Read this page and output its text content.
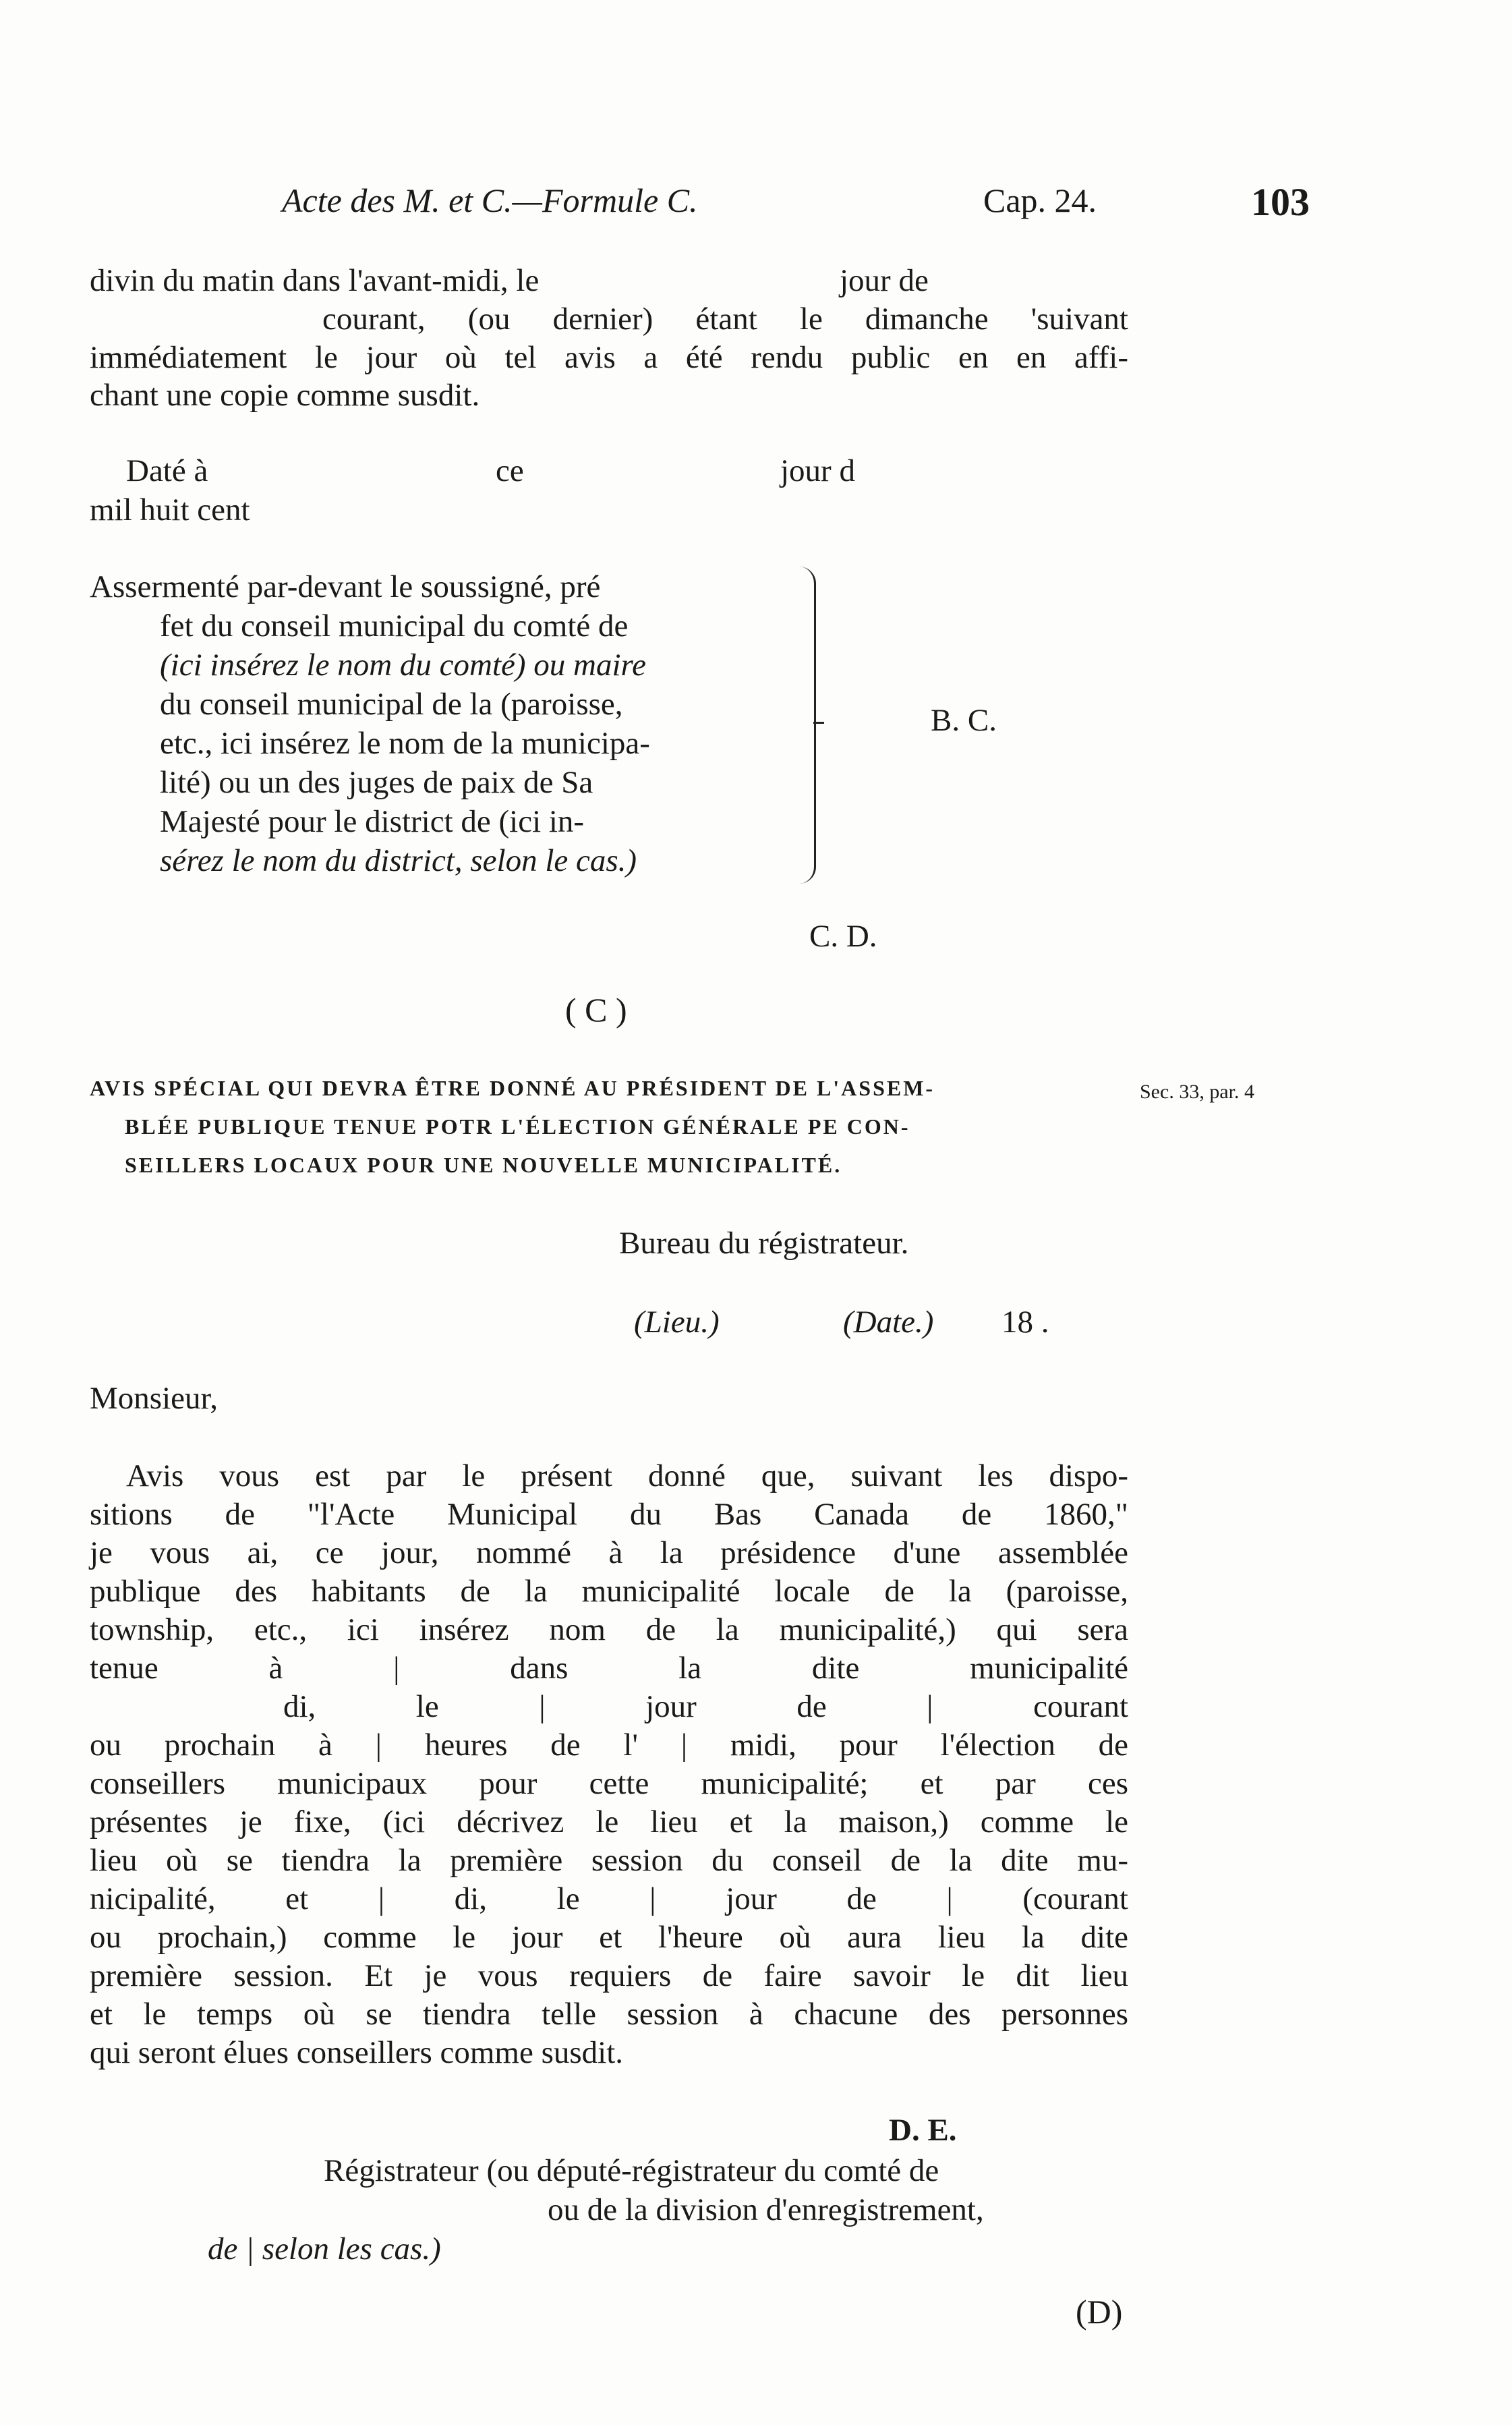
Acte des M. et C.—Formule C.	Cap. 24.	103
divin du matin dans l'avant-midi, le	jour de
courant, (ou dernier) étant le dimanche 'suivant
immédiatement le jour où tel avis a été rendu public en en affi-
chant une copie comme susdit.
Daté à	ce	jour d
mil huit cent
Assermenté par-devant le soussigné, pré
fet du conseil municipal du comté de
(ici insérez le nom du comté) ou maire
du conseil municipal de la (paroisse,
etc., ici insérez le nom de la municipa-
lité) ou un des juges de paix de Sa
Majesté pour le district de (ici in-
sérez le nom du district, selon le cas.)
B. C.
C. D.
( C )
AVIS SPÉCIAL QUI DEVRA ÊTRE DONNÉ AU PRÉSIDENT DE L'ASSEM-
BLÉE PUBLIQUE TENUE POTR L'ÉLECTION GÉNÉRALE PE CON-
SEILLERS LOCAUX POUR UNE NOUVELLE MUNICIPALITÉ.
Sec. 33, par. 4
Bureau du régistrateur.
(Lieu.)	(Date.) 18 .
Monsieur,
Avis vous est par le présent donné que, suivant les dispo-
sitions de "l'Acte Municipal du Bas Canada de 1860,"
je vous ai, ce jour, nommé à la présidence d'une assemblée
publique des habitants de la municipalité locale de la (paroisse,
township, etc., ici insérez nom de la municipalité,) qui sera
tenue à | dans la dite municipalité
di, le | jour de | courant
ou prochain à | heures de l' | midi, pour l'élection de
conseillers municipaux pour cette municipalité; et par ces
présentes je fixe, (ici décrivez le lieu et la maison,) comme le
lieu où se tiendra la première session du conseil de la dite mu-
nicipalité, et | di, le | jour de | (courant
ou prochain,) comme le jour et l'heure où aura lieu la dite
première session. Et je vous requiers de faire savoir le dit lieu
et le temps où se tiendra telle session à chacune des personnes
qui seront élues conseillers comme susdit.
D. E.
Régistrateur (ou député-régistrateur du comté de
ou de la division d'enregistrement,
de | selon les cas.)
(D)
